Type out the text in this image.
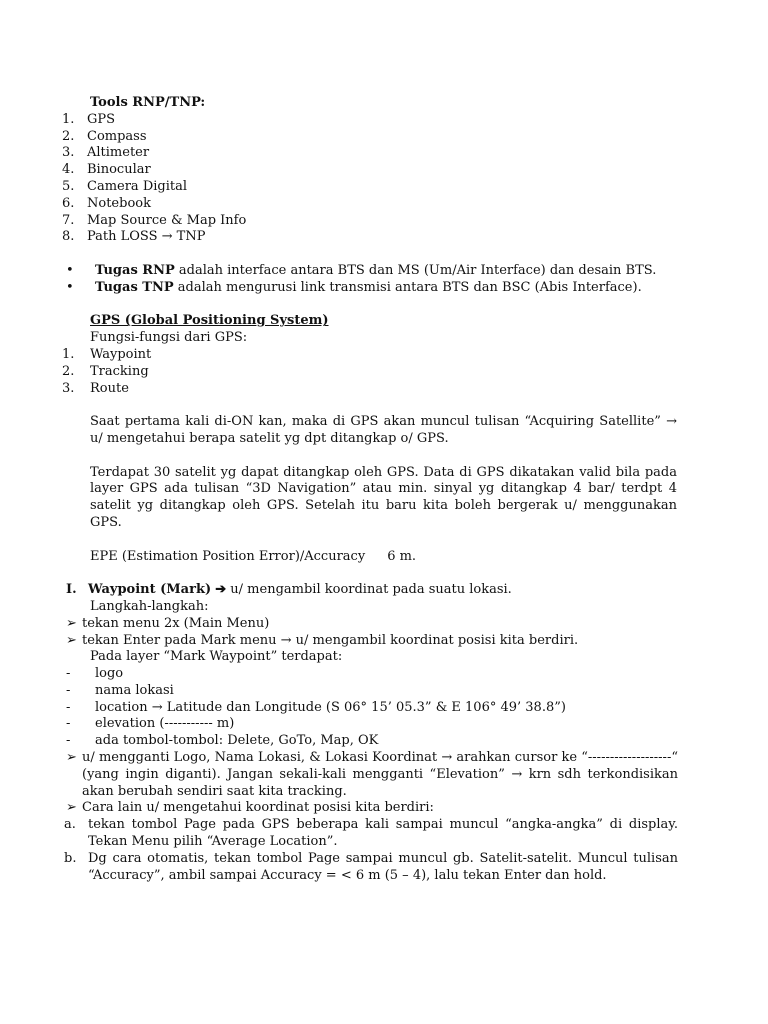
Tools RNP/TNP:
1. GPS
2. Compass
3. Altimeter
4. Binocular
5. Camera Digital
6. Notebook
7. Map Source & Map Info
8. Path LOSS → TNP
• Tugas RNP adalah interface antara BTS dan MS (Um/Air Interface) dan desain BTS.
• Tugas TNP adalah mengurusi link transmisi antara BTS dan BSC (Abis Interface).
GPS (Global Positioning System)
Fungsi-fungsi dari GPS:
1. Waypoint
2. Tracking
3. Route
Saat pertama kali di-ON kan, maka di GPS akan muncul tulisan “Acquiring Satellite” → u/ mengetahui berapa satelit yg dpt ditangkap o/ GPS.
Terdapat 30 satelit yg dapat ditangkap oleh GPS. Data di GPS dikatakan valid bila pada layer GPS ada tulisan “3D Navigation” atau min. sinyal yg ditangkap 4 bar/ terdpt 4 satelit yg ditangkap oleh GPS. Setelah itu baru kita boleh bergerak u/ menggunakan GPS.
EPE (Estimation Position Error)/Accuracy 6 m.
I. Waypoint (Mark) ➔ u/ mengambil koordinat pada suatu lokasi.
Langkah-langkah:
➢ tekan menu 2x (Main Menu)
➢ tekan Enter pada Mark menu → u/ mengambil koordinat posisi kita berdiri.
Pada layer “Mark Waypoint” terdapat:
- logo
- nama lokasi
- location → Latitude dan Longitude (S 06° 15’ 05.3” & E 106° 49’ 38.8”)
- elevation (----------- m)
- ada tombol-tombol: Delete, GoTo, Map, OK
➢ u/ mengganti Logo, Nama Lokasi, & Lokasi Koordinat → arahkan cursor ke “-------------------“ (yang ingin diganti). Jangan sekali-kali mengganti “Elevation” → krn sdh terkondisikan akan berubah sendiri saat kita tracking.
➢ Cara lain u/ mengetahui koordinat posisi kita berdiri:
a. tekan tombol Page pada GPS beberapa kali sampai muncul “angka-angka” di display. Tekan Menu pilih “Average Location”.
b. Dg cara otomatis, tekan tombol Page sampai muncul gb. Satelit-satelit. Muncul tulisan “Accuracy”, ambil sampai Accuracy = < 6 m (5 – 4), lalu tekan Enter dan hold.
